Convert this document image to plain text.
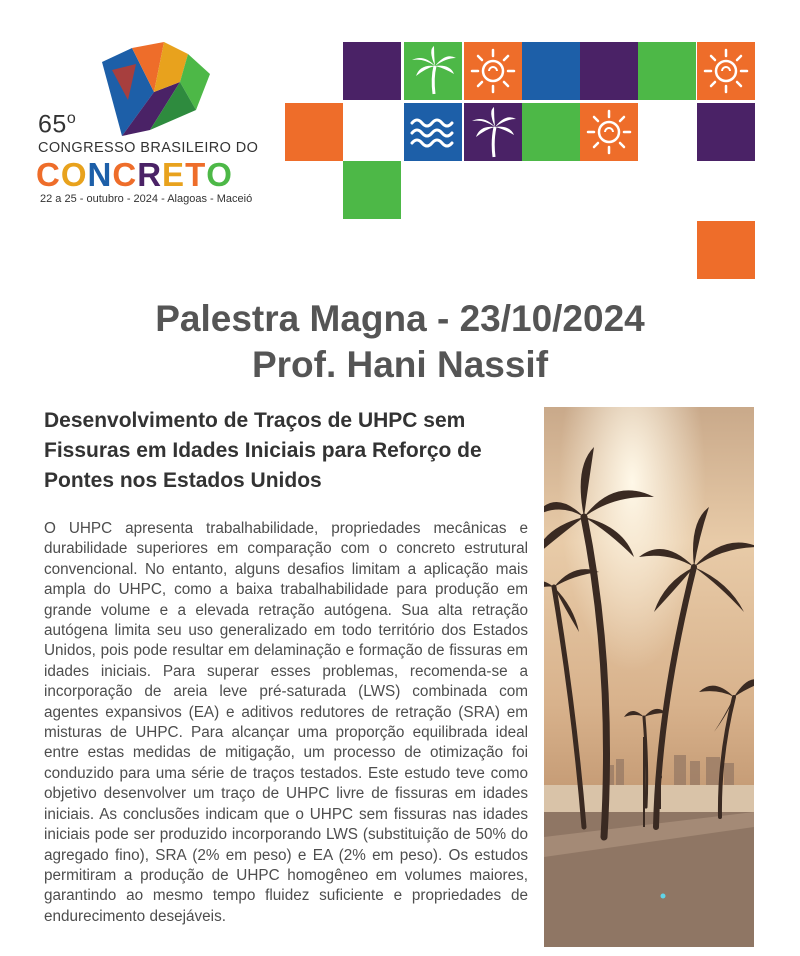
65$^o$
CONGRESSO BRASILEIRO DO
CONCRETO
22 a 25 - outubro - 2024 - Alagoas - Maceió
Palestra Magna - 23/10/2024
Prof. Hani Nassif
Desenvolvimento de Traços de UHPC sem Fissuras em Idades Iniciais para Reforço de Pontes nos Estados Unidos
O UHPC apresenta trabalhabilidade, propriedades mecânicas e durabilidade superiores em comparação com o concreto estrutural convencional. No entanto, alguns desafios limitam a aplicação mais ampla do UHPC, como a baixa trabalhabilidade para produção em grande volume e a elevada retração autógena. Sua alta retração autógena limita seu uso generalizado em todo território dos Estados Unidos, pois pode resultar em delaminação e formação de fissuras em idades iniciais. Para superar esses problemas, recomenda-se a incorporação de areia leve pré-saturada (LWS) combinada com agentes expansivos (EA) e aditivos redutores de retração (SRA) em misturas de UHPC. Para alcançar uma proporção equilibrada ideal entre estas medidas de mitigação, um processo de otimização foi conduzido para uma série de traços testados. Este estudo teve como objetivo desenvolver um traço de UHPC livre de fissuras em idades iniciais. As conclusões indicam que o UHPC sem fissuras nas idades iniciais pode ser produzido incorporando LWS (substituição de 50% do agregado fino), SRA (2% em peso) e EA (2% em peso). Os estudos permitiram a produção de UHPC homogêneo em volumes maiores, garantindo ao mesmo tempo fluidez suficiente e propriedades de endurecimento desejáveis.
